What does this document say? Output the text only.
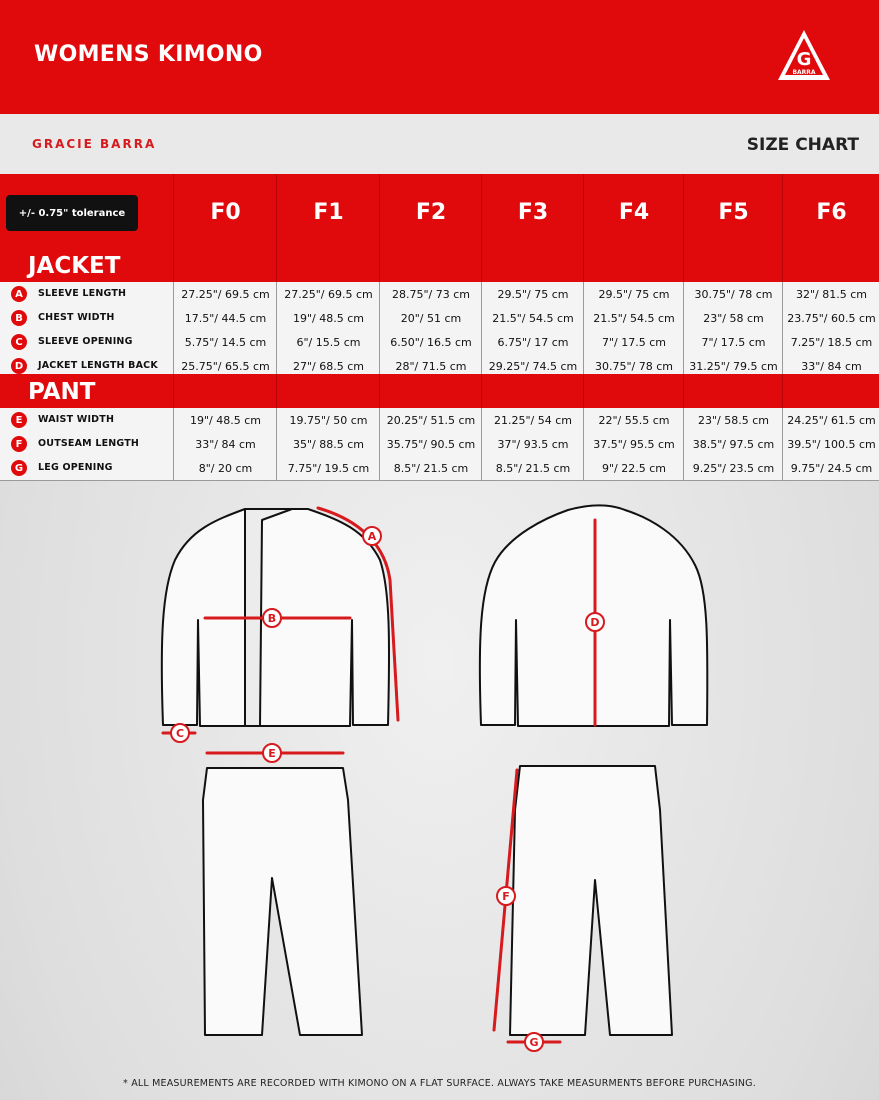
WOMENS KIMONO	G
BARRA
GRACIE BARRA	SIZE CHART
+/- 0.75" tolerance	F0	F1	F2	F3	F4	F5	F6
JACKET
A	SLEEVE LENGTH	27.25"/ 69.5 cm	27.25"/ 69.5 cm	28.75"/ 73 cm	29.5"/ 75 cm	29.5"/ 75 cm	30.75"/ 78 cm	32"/ 81.5 cm
B	CHEST WIDTH	17.5"/ 44.5 cm	19"/ 48.5 cm	20"/ 51 cm	21.5"/ 54.5 cm	21.5"/ 54.5 cm	23"/ 58 cm	23.75"/ 60.5 cm
C	SLEEVE OPENING	5.75"/ 14.5 cm	6"/ 15.5 cm	6.50"/ 16.5 cm	6.75"/ 17 cm	7"/ 17.5 cm	7"/ 17.5 cm	7.25"/ 18.5 cm
D	JACKET LENGTH BACK	25.75"/ 65.5 cm	27"/ 68.5 cm	28"/ 71.5 cm	29.25"/ 74.5 cm	30.75"/ 78 cm	31.25"/ 79.5 cm	33"/ 84 cm
PANT
E	WAIST WIDTH	19"/ 48.5 cm	19.75"/ 50 cm	20.25"/ 51.5 cm	21.25"/ 54 cm	22"/ 55.5 cm	23"/ 58.5 cm	24.25"/ 61.5 cm
F	OUTSEAM LENGTH	33"/ 84 cm	35"/ 88.5 cm	35.75"/ 90.5 cm	37"/ 93.5 cm	37.5"/ 95.5 cm	38.5"/ 97.5 cm	39.5"/ 100.5 cm
G	LEG OPENING	8"/ 20 cm	7.75"/ 19.5 cm	8.5"/ 21.5 cm	8.5"/ 21.5 cm	9"/ 22.5 cm	9.25"/ 23.5 cm	9.75"/ 24.5 cm
A
B
C
D
E
F
G
* ALL MEASUREMENTS ARE RECORDED WITH KIMONO ON A FLAT SURFACE. ALWAYS TAKE MEASURMENTS BEFORE PURCHASING.
